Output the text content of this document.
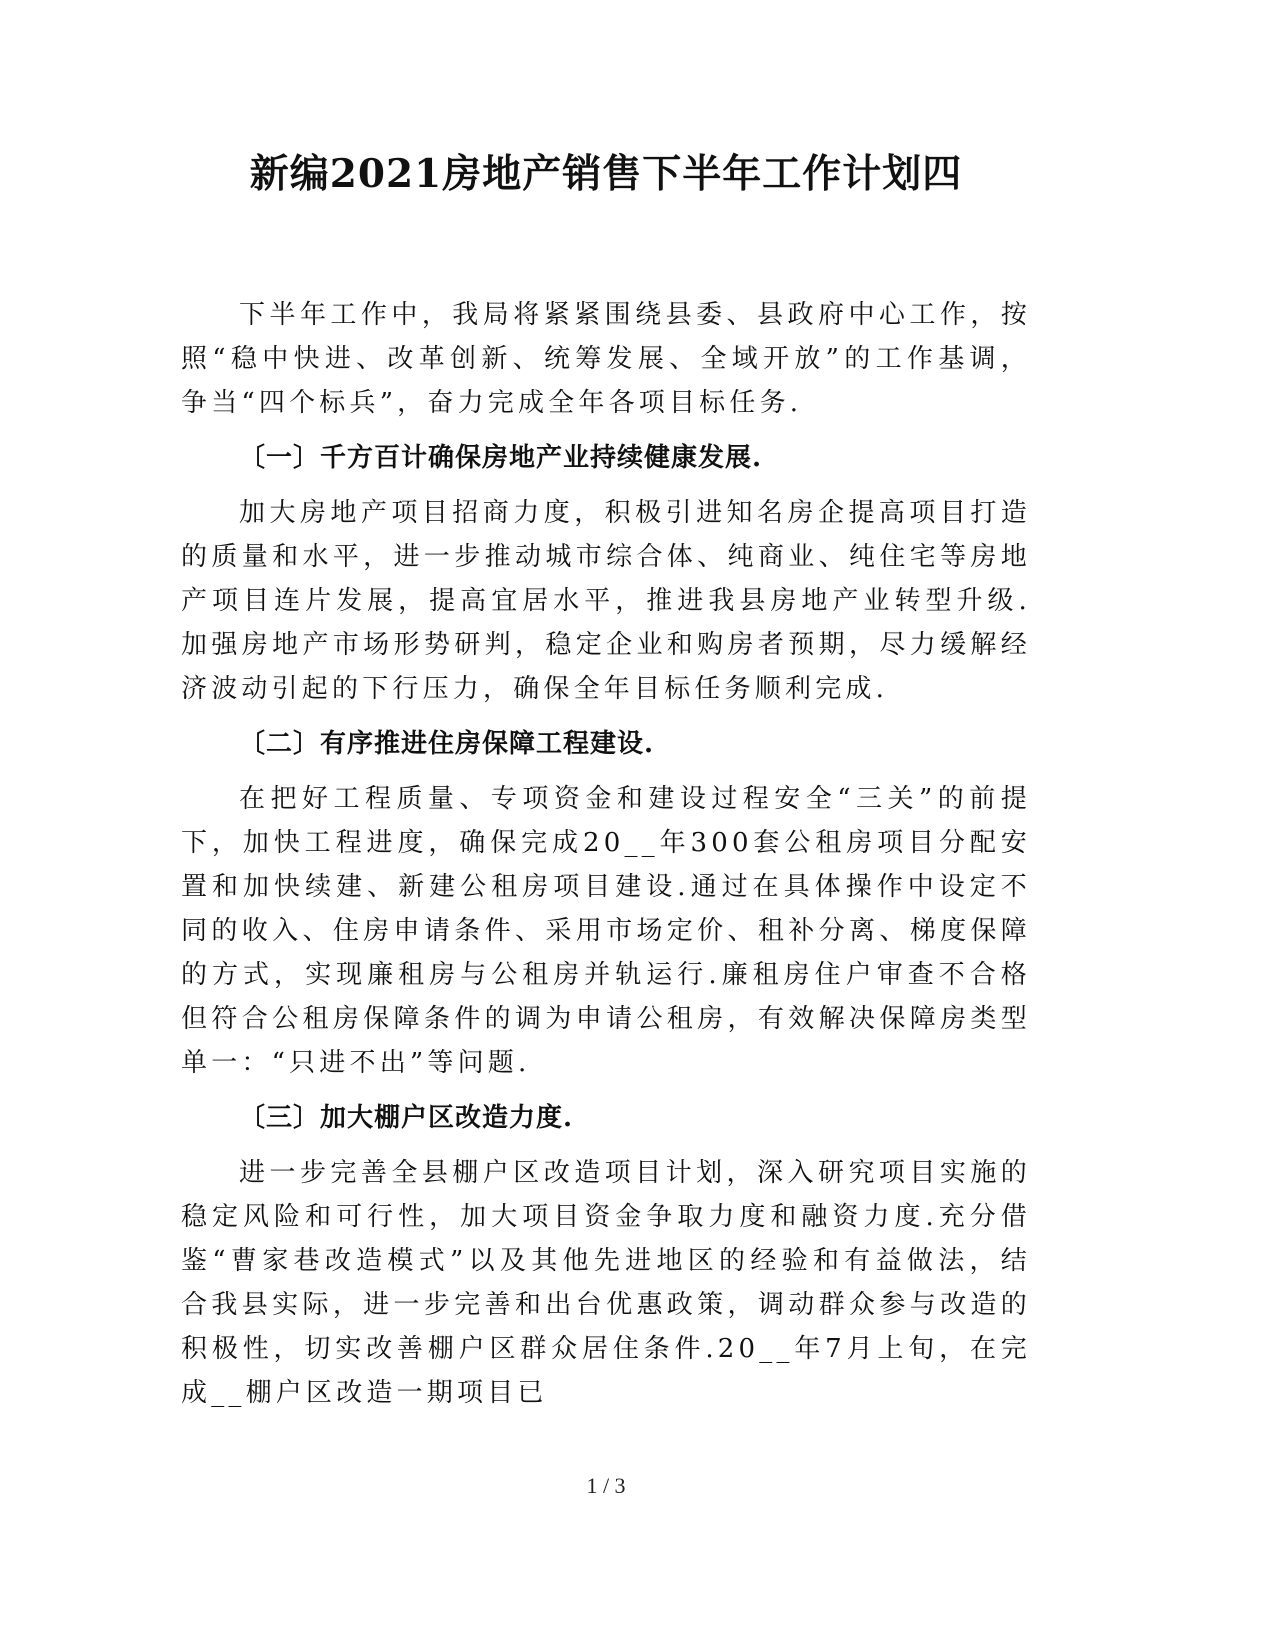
新编2021房地产销售下半年工作计划四

下半年工作中，我局将紧紧围绕县委、县政府中心工作，按照“稳中快进、改革创新、统筹发展、全域开放”的工作基调，争当“四个标兵”，奋力完成全年各项目标任务.

〔一〕千方百计确保房地产业持续健康发展.

加大房地产项目招商力度，积极引进知名房企提高项目打造的质量和水平，进一步推动城市综合体、纯商业、纯住宅等房地产项目连片发展，提高宜居水平，推进我县房地产业转型升级.加强房地产市场形势研判，稳定企业和购房者预期，尽力缓解经济波动引起的下行压力，确保全年目标任务顺利完成.

〔二〕有序推进住房保障工程建设.

在把好工程质量、专项资金和建设过程安全“三关”的前提下，加快工程进度，确保完成20__年300套公租房项目分配安置和加快续建、新建公租房项目建设.通过在具体操作中设定不同的收入、住房申请条件、采用市场定价、租补分离、梯度保障的方式，实现廉租房与公租房并轨运行.廉租房住户审查不合格但符合公租房保障条件的调为申请公租房，有效解决保障房类型单一：“只进不出”等问题.

〔三〕加大棚户区改造力度.

进一步完善全县棚户区改造项目计划，深入研究项目实施的稳定风险和可行性，加大项目资金争取力度和融资力度.充分借鉴“曹家巷改造模式”以及其他先进地区的经验和有益做法，结合我县实际，进一步完善和出台优惠政策，调动群众参与改造的积极性，切实改善棚户区群众居住条件.20__年7月上旬，在完成__棚户区改造一期项目已

1 / 3
